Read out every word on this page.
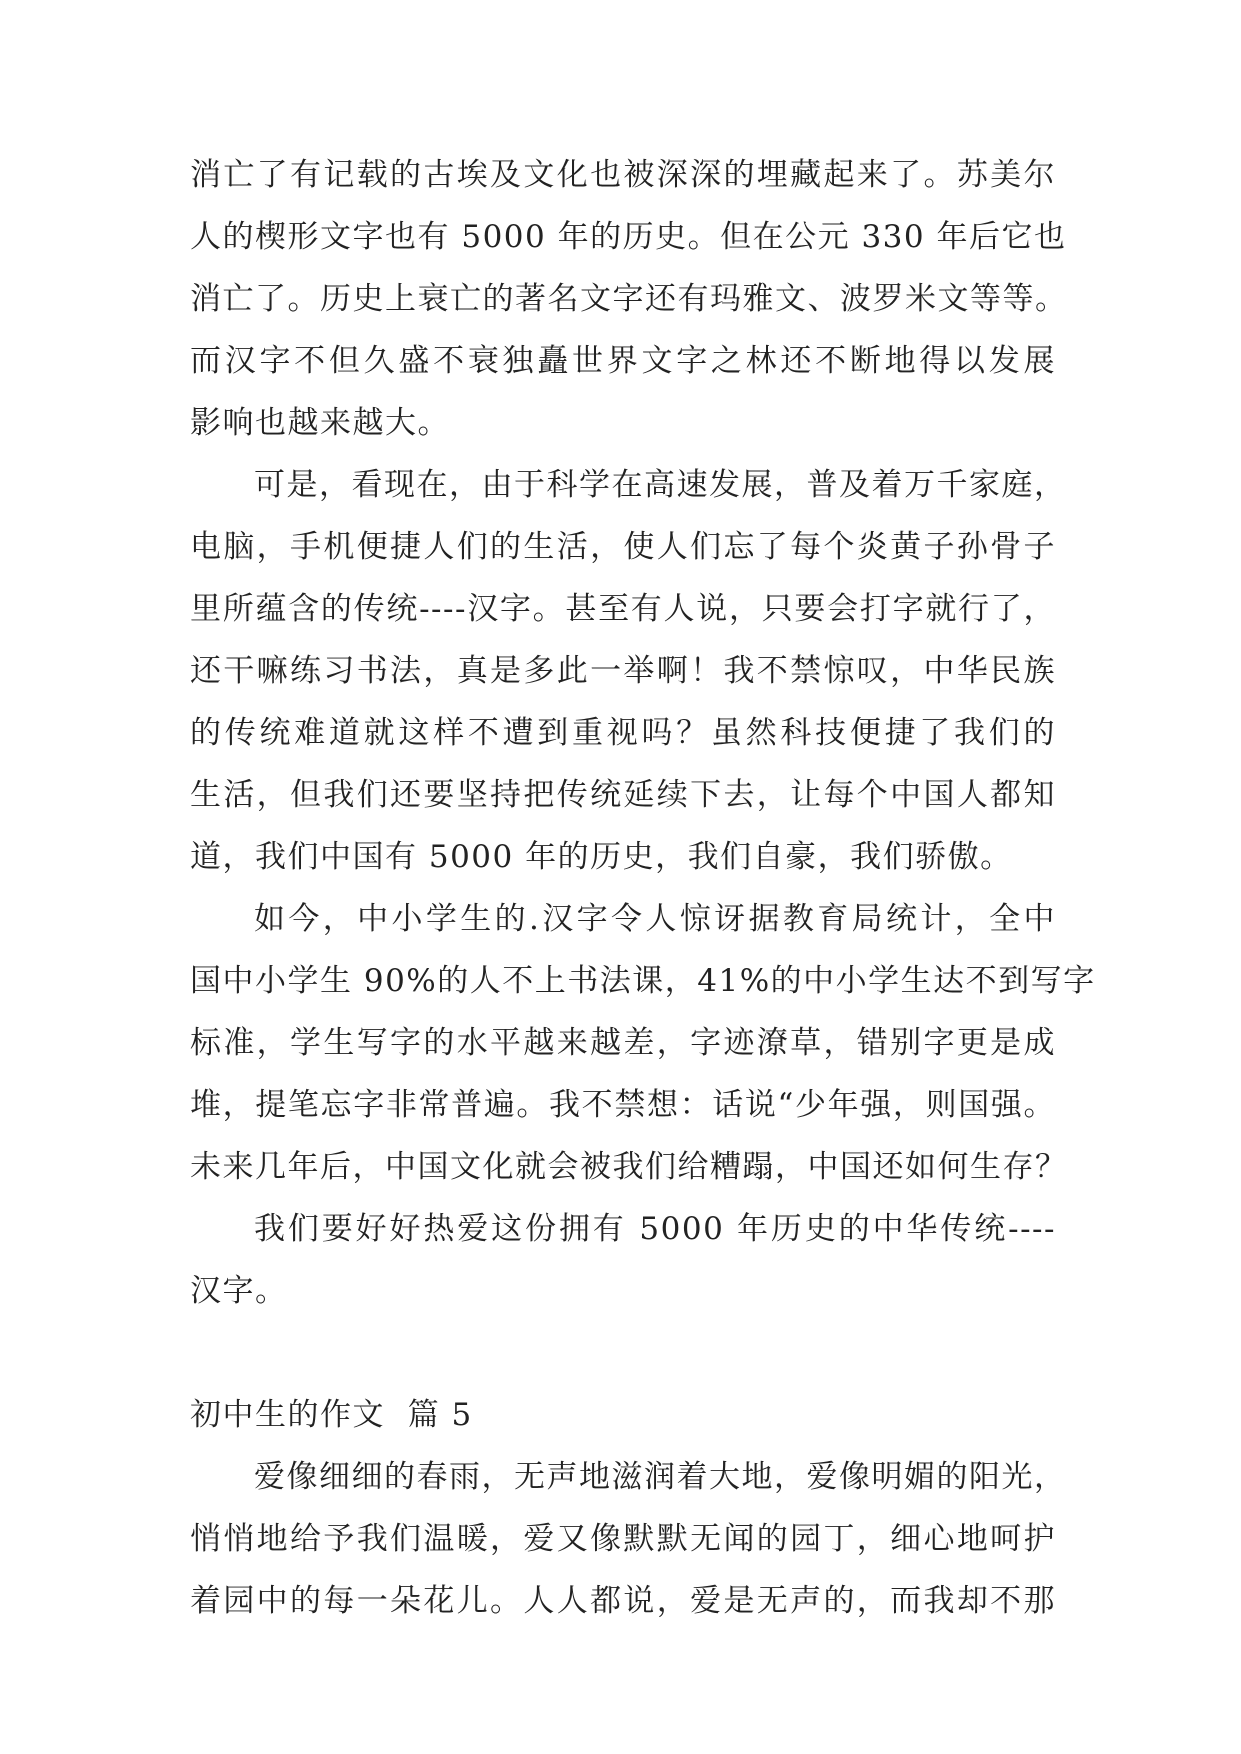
消亡了有记载的古埃及文化也被深深的埋藏起来了。苏美尔
人的楔形文字也有 5000 年的历史。但在公元 330 年后它也
消亡了。历史上衰亡的著名文字还有玛雅文、波罗米文等等。
而汉字不但久盛不衰独矗世界文字之林还不断地得以发展
影响也越来越大。
可是，看现在，由于科学在高速发展，普及着万千家庭，
电脑，手机便捷人们的生活，使人们忘了每个炎黄子孙骨子
里所蕴含的传统----汉字。甚至有人说，只要会打字就行了，
还干嘛练习书法，真是多此一举啊！我不禁惊叹，中华民族
的传统难道就这样不遭到重视吗？虽然科技便捷了我们的
生活，但我们还要坚持把传统延续下去，让每个中国人都知
道，我们中国有 5000 年的历史，我们自豪，我们骄傲。
如今，中小学生的.汉字令人惊讶据教育局统计，全中
国中小学生 90%的人不上书法课，41%的中小学生达不到写字
标准，学生写字的水平越来越差，字迹潦草，错别字更是成
堆，提笔忘字非常普遍。我不禁想：话说“少年强，则国强。
未来几年后，中国文化就会被我们给糟蹋，中国还如何生存？
我们要好好热爱这份拥有 5000 年历史的中华传统----
汉字。
初中生的作文  篇 5
爱像细细的春雨，无声地滋润着大地，爱像明媚的阳光，
悄悄地给予我们温暖，爱又像默默无闻的园丁，细心地呵护
着园中的每一朵花儿。人人都说，爱是无声的，而我却不那
